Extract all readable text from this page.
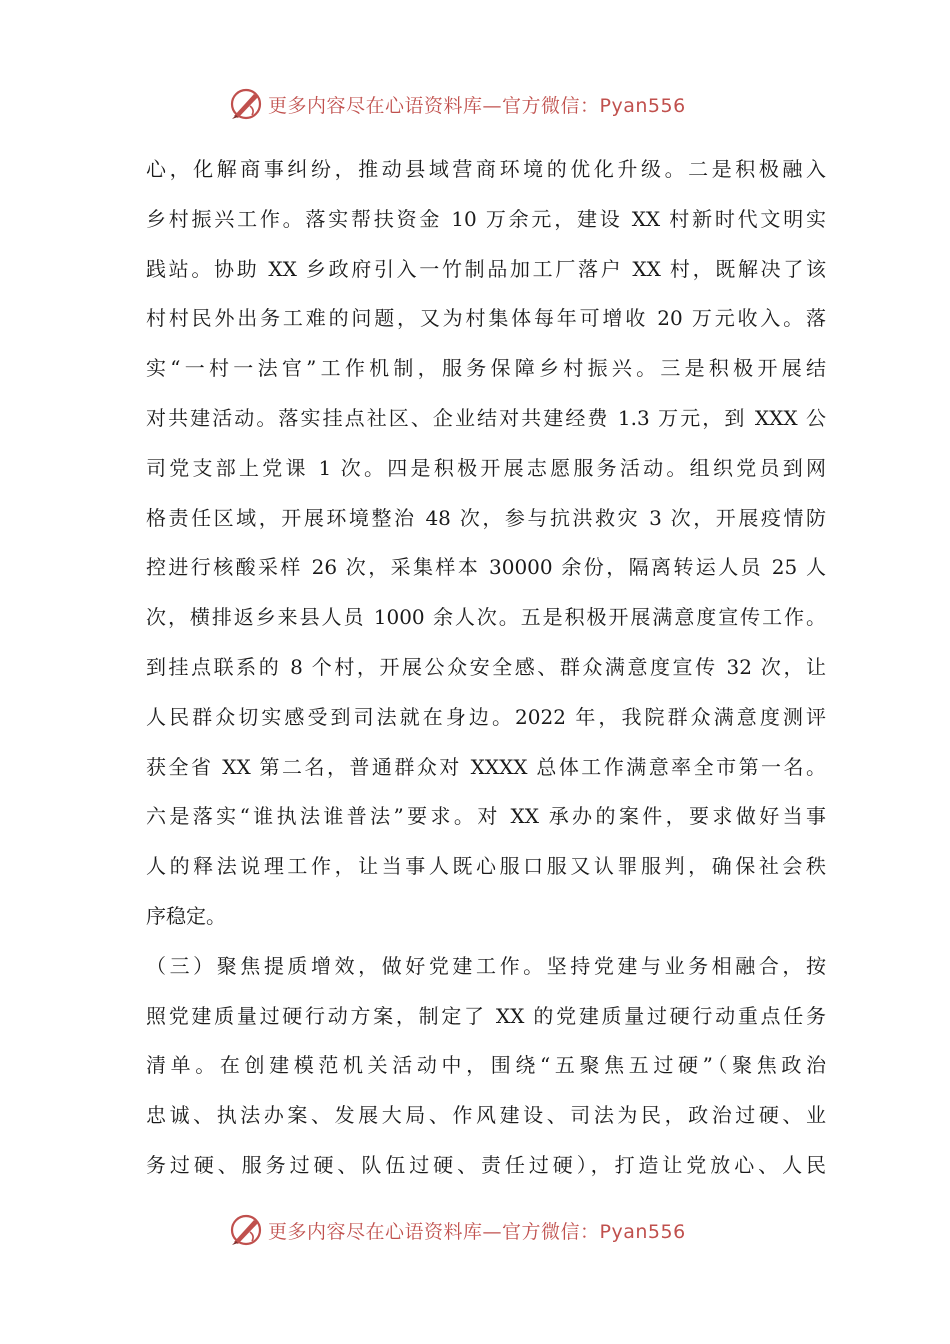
更多内容尽在心语资料库—官方微信：Pyan556
心，化解商事纠纷，推动县域营商环境的优化升级。二是积极融入
乡村振兴工作。落实帮扶资金 10 万余元，建设 XX 村新时代文明实
践站。协助 XX 乡政府引入一竹制品加工厂落户 XX 村，既解决了该
村村民外出务工难的问题，又为村集体每年可增收 20 万元收入。落
实“一村一法官”工作机制，服务保障乡村振兴。三是积极开展结
对共建活动。落实挂点社区、企业结对共建经费 1.3 万元，到 XXX 公
司党支部上党课 1 次。四是积极开展志愿服务活动。组织党员到网
格责任区域，开展环境整治 48 次，参与抗洪救灾 3 次，开展疫情防
控进行核酸采样 26 次，采集样本 30000 余份，隔离转运人员 25 人
次，横排返乡来县人员 1000 余人次。五是积极开展满意度宣传工作。
到挂点联系的 8 个村，开展公众安全感、群众满意度宣传 32 次，让
人民群众切实感受到司法就在身边。2022 年，我院群众满意度测评
获全省 XX 第二名，普通群众对 XXXX 总体工作满意率全市第一名。
六是落实“谁执法谁普法”要求。对 XX 承办的案件，要求做好当事
人的释法说理工作，让当事人既心服口服又认罪服判，确保社会秩
序稳定。
（三）聚焦提质增效，做好党建工作。坚持党建与业务相融合，按
照党建质量过硬行动方案，制定了 XX 的党建质量过硬行动重点任务
清单。在创建模范机关活动中，围绕“五聚焦五过硬”（聚焦政治
忠诚、执法办案、发展大局、作风建设、司法为民，政治过硬、业
务过硬、服务过硬、队伍过硬、责任过硬），打造让党放心、人民
更多内容尽在心语资料库—官方微信：Pyan556
